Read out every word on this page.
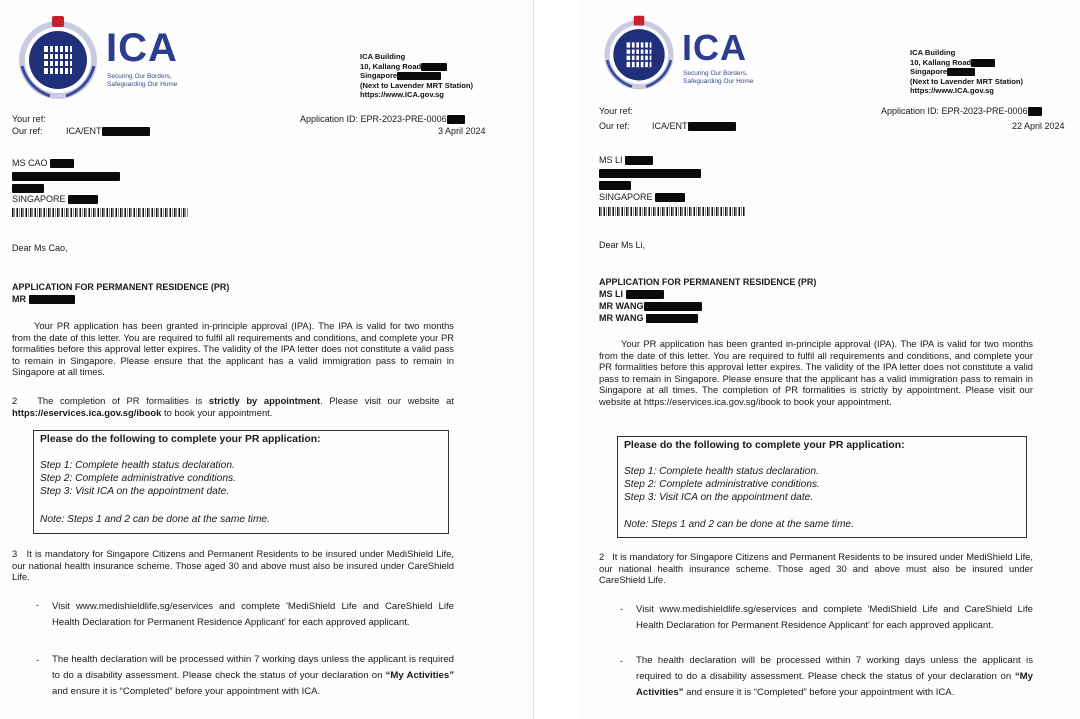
ICA
Securing Our Borders,
Safeguarding Our Home
ICA Building
10, Kallang Road
Singapore
(Next to Lavender MRT Station)
https://www.ICA.gov.sg
Your ref:
Our ref:	ICA/ENT
Application ID: EPR-2023-PRE-0006
3 April 2024
MS CAO
SINGAPORE
Dear Ms Cao,
APPLICATION FOR PERMANENT RESIDENCE (PR)
MR
Your PR application has been granted in-principle approval (IPA). The IPA is valid for two months from the date of this letter. You are required to fulfil all requirements and conditions, and complete your PR formalities before this approval letter expires. The validity of the IPA letter does not constitute a valid pass to remain in Singapore. Please ensure that the applicant has a valid immigration pass to remain in Singapore at all times.
2 The completion of PR formalities is strictly by appointment. Please visit our website at https://eservices.ica.gov.sg/ibook to book your appointment.
Please do the following to complete your PR application:
Step 1: Complete health status declaration.
Step 2: Complete administrative conditions.
Step 3: Visit ICA on the appointment date.
Note: Steps 1 and 2 can be done at the same time.
3 It is mandatory for Singapore Citizens and Permanent Residents to be insured under MediShield Life, our national health insurance scheme. Those aged 30 and above must also be insured under CareShield Life.
- Visit www.medishieldlife.sg/eservices and complete 'MediShield Life and CareShield Life Health Declaration for Permanent Residence Applicant' for each approved applicant.
- The health declaration will be processed within 7 working days unless the applicant is required to do a disability assessment. Please check the status of your declaration on “My Activities” and ensure it is “Completed” before your appointment with ICA.
ICA
Securing Our Borders,
Safeguarding Our Home
ICA Building
10, Kallang Road
Singapore
(Next to Lavender MRT Station)
https://www.ICA.gov.sg
Your ref:
Our ref: ICA/ENT
Application ID: EPR-2023-PRE-0006
22 April 2024
MS LI
SINGAPORE
Dear Ms Li,
APPLICATION FOR PERMANENT RESIDENCE (PR)
MS LI
MR WANG
MR WANG
Your PR application has been granted in-principle approval (IPA). The IPA is valid for two months from the date of this letter. You are required to fulfil all requirements and conditions, and complete your PR formalities before this approval letter expires. The validity of the IPA letter does not constitute a valid pass to remain in Singapore. Please ensure that the applicant has a valid immigration pass to remain in Singapore at all times. The completion of PR formalities is strictly by appointment. Please visit our website at https://eservices.ica.gov.sg/ibook to book your appointment.
Please do the following to complete your PR application:
Step 1: Complete health status declaration.
Step 2: Complete administrative conditions.
Step 3: Visit ICA on the appointment date.
Note: Steps 1 and 2 can be done at the same time.
2 It is mandatory for Singapore Citizens and Permanent Residents to be insured under MediShield Life, our national health insurance scheme. Those aged 30 and above must also be insured under CareShield Life.
- Visit www.medishieldlife.sg/eservices and complete 'MediShield Life and CareShield Life Health Declaration for Permanent Residence Applicant' for each approved applicant.
- The health declaration will be processed within 7 working days unless the applicant is required to do a disability assessment. Please check the status of your declaration on “My Activities” and ensure it is “Completed” before your appointment with ICA.
